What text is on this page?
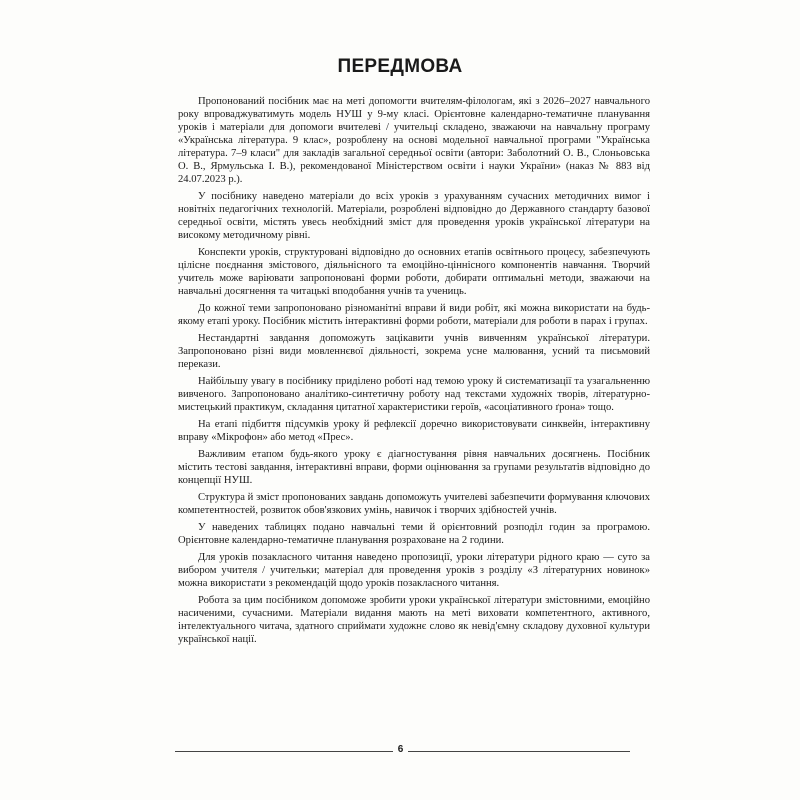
ПЕРЕДМОВА

Пропонований посібник має на меті допомогти вчителям-філологам, які з 2026–2027 навчального року впроваджуватимуть модель НУШ у 9-му класі. Орієнтовне календарно-тематичне планування уроків і матеріали для допомоги вчителеві / учительці складено, зважаючи на навчальну програму «Українська література. 9 клас», розроблену на основі модельної навчальної програми "Українська література. 7–9 класи" для закладів загальної середньої освіти (автори: Заболотний О. В., Слоньовська О. В., Ярмульська І. В.), рекомендованої Міністерством освіти і науки України» (наказ № 883 від 24.07.2023 р.).

У посібнику наведено матеріали до всіх уроків з урахуванням сучасних методичних вимог і новітніх педагогічних технологій. Матеріали, розроблені відповідно до Державного стандарту базової середньої освіти, містять увесь необхідний зміст для проведення уроків української літератури на високому методичному рівні.

Конспекти уроків, структуровані відповідно до основних етапів освітнього процесу, забезпечують цілісне поєднання змістового, діяльнісного та емоційно-ціннісного компонентів навчання. Творчий учитель може варіювати запропоновані форми роботи, добирати оптимальні методи, зважаючи на навчальні досягнення та читацькі вподобання учнів та учениць.

До кожної теми запропоновано різноманітні вправи й види робіт, які можна використати на будь-якому етапі уроку. Посібник містить інтерактивні форми роботи, матеріали для роботи в парах і групах.

Нестандартні завдання допоможуть зацікавити учнів вивченням української літератури. Запропоновано різні види мовленнєвої діяльності, зокрема усне малювання, усний та письмовий перекази.

Найбільшу увагу в посібнику приділено роботі над темою уроку й систематизації та узагальненню вивченого. Запропоновано аналітико-синтетичну роботу над текстами художніх творів, літературно-мистецький практикум, складання цитатної характеристики героїв, «асоціативного ґрона» тощо.

На етапі підбиття підсумків уроку й рефлексії доречно використовувати синквейн, інтерактивну вправу «Мікрофон» або метод «Прес».

Важливим етапом будь-якого уроку є діагностування рівня навчальних досягнень. Посібник містить тестові завдання, інтерактивні вправи, форми оцінювання за групами результатів відповідно до концепції НУШ.

Структура й зміст пропонованих завдань допоможуть учителеві забезпечити формування ключових компетентностей, розвиток обов'язкових умінь, навичок і творчих здібностей учнів.

У наведених таблицях подано навчальні теми й орієнтовний розподіл годин за програмою. Орієнтовне календарно-тематичне планування розраховане на 2 години.

Для уроків позакласного читання наведено пропозиції, уроки літератури рідного краю — суто за вибором учителя / учительки; матеріал для проведення уроків з розділу «З літературних новинок» можна використати з рекомендацій щодо уроків позакласного читання.

Робота за цим посібником допоможе зробити уроки української літератури змістовними, емоційно насиченими, сучасними. Матеріали видання мають на меті виховати компетентного, активного, інтелектуального читача, здатного сприймати художнє слово як невід'ємну складову духовної культури української нації.

6
